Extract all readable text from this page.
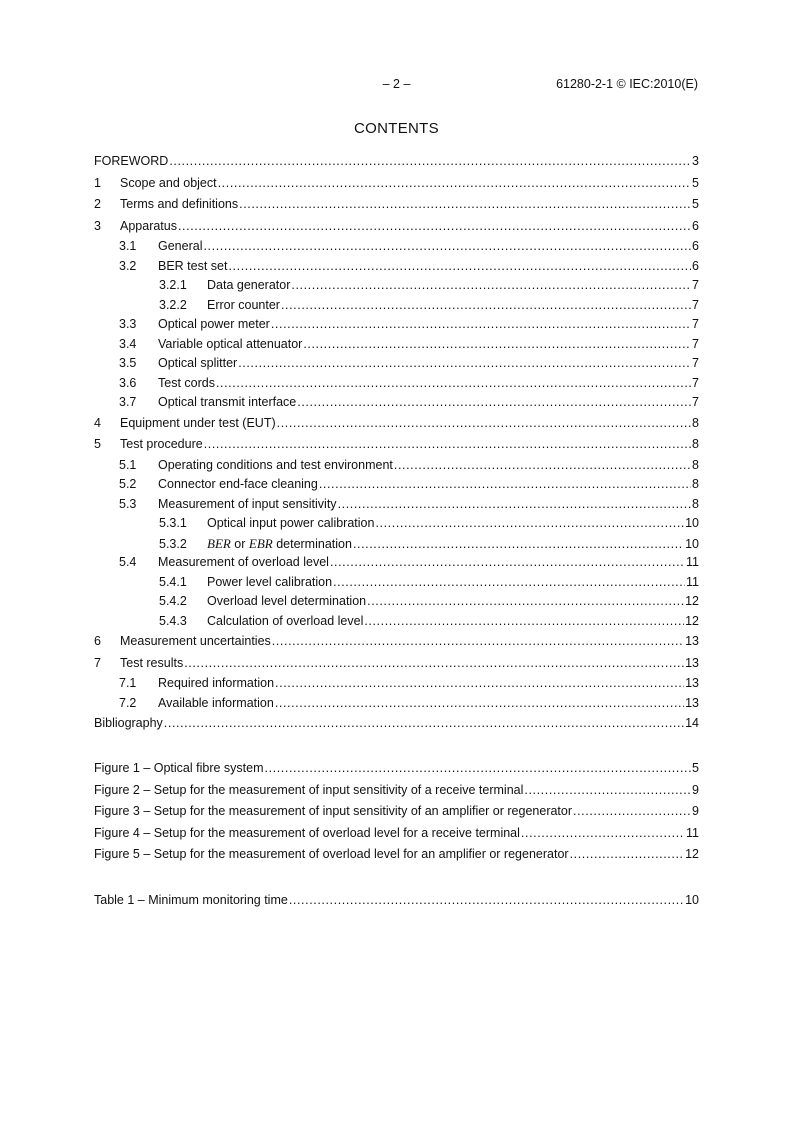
– 2 –	61280-2-1 © IEC:2010(E)
CONTENTS
FOREWORD .....	3
1	Scope and object .....	5
2	Terms and definitions .....	5
3	Apparatus .....	6
3.1	General .....	6
3.2	BER test set .....	6
3.2.1	Data generator .....	7
3.2.2	Error counter .....	7
3.3	Optical power meter .....	7
3.4	Variable optical attenuator .....	7
3.5	Optical splitter .....	7
3.6	Test cords .....	7
3.7	Optical transmit interface .....	7
4	Equipment under test (EUT) .....	8
5	Test procedure .....	8
5.1	Operating conditions and test environment .....	8
5.2	Connector end-face cleaning .....	8
5.3	Measurement of input sensitivity .....	8
5.3.1	Optical input power calibration .....	10
5.3.2	BER or EBR determination .....	10
5.4	Measurement of overload level .....	11
5.4.1	Power level calibration .....	11
5.4.2	Overload level determination .....	12
5.4.3	Calculation of overload level .....	12
6	Measurement uncertainties .....	13
7	Test results .....	13
7.1	Required information .....	13
7.2	Available information .....	13
Bibliography .....	14
Figure 1 – Optical fibre system .....	5
Figure 2 – Setup for the measurement of input sensitivity of a receive terminal .....	9
Figure 3 – Setup for the measurement of input sensitivity of an amplifier or regenerator .....	9
Figure 4 – Setup for the measurement of overload level for a receive terminal .....	11
Figure 5 – Setup for the measurement of overload level for an amplifier or regenerator .....	12
Table 1 – Minimum monitoring time .....	10
